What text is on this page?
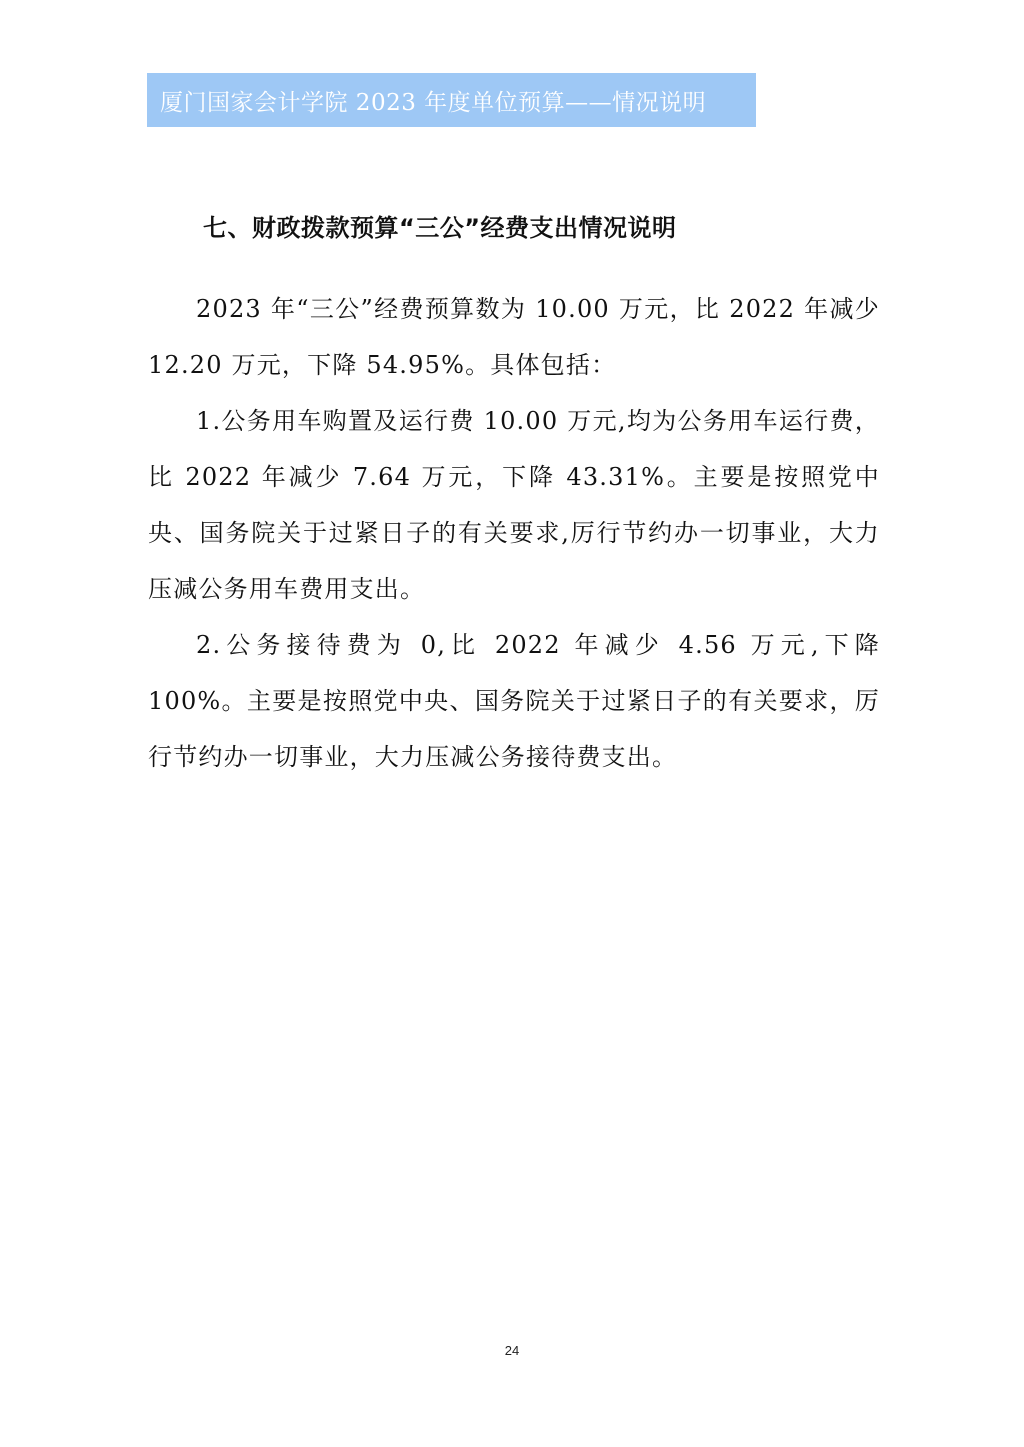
厦门国家会计学院 2023 年度单位预算——情况说明
七、财政拨款预算“三公”经费支出情况说明

2023 年“三公”经费预算数为 10.00 万元，比 2022 年减少 12.20 万元，下降 54.95%。具体包括：

1.公务用车购置及运行费 10.00 万元,均为公务用车运行费，比 2022 年减少 7.64 万元，下降 43.31%。主要是按照党中央、国务院关于过紧日子的有关要求,厉行节约办一切事业，大力压减公务用车费用支出。

2.公务接待费为 0,比 2022 年减少 4.56 万元,下降 100%。主要是按照党中央、国务院关于过紧日子的有关要求，厉行节约办一切事业，大力压减公务接待费支出。

24
